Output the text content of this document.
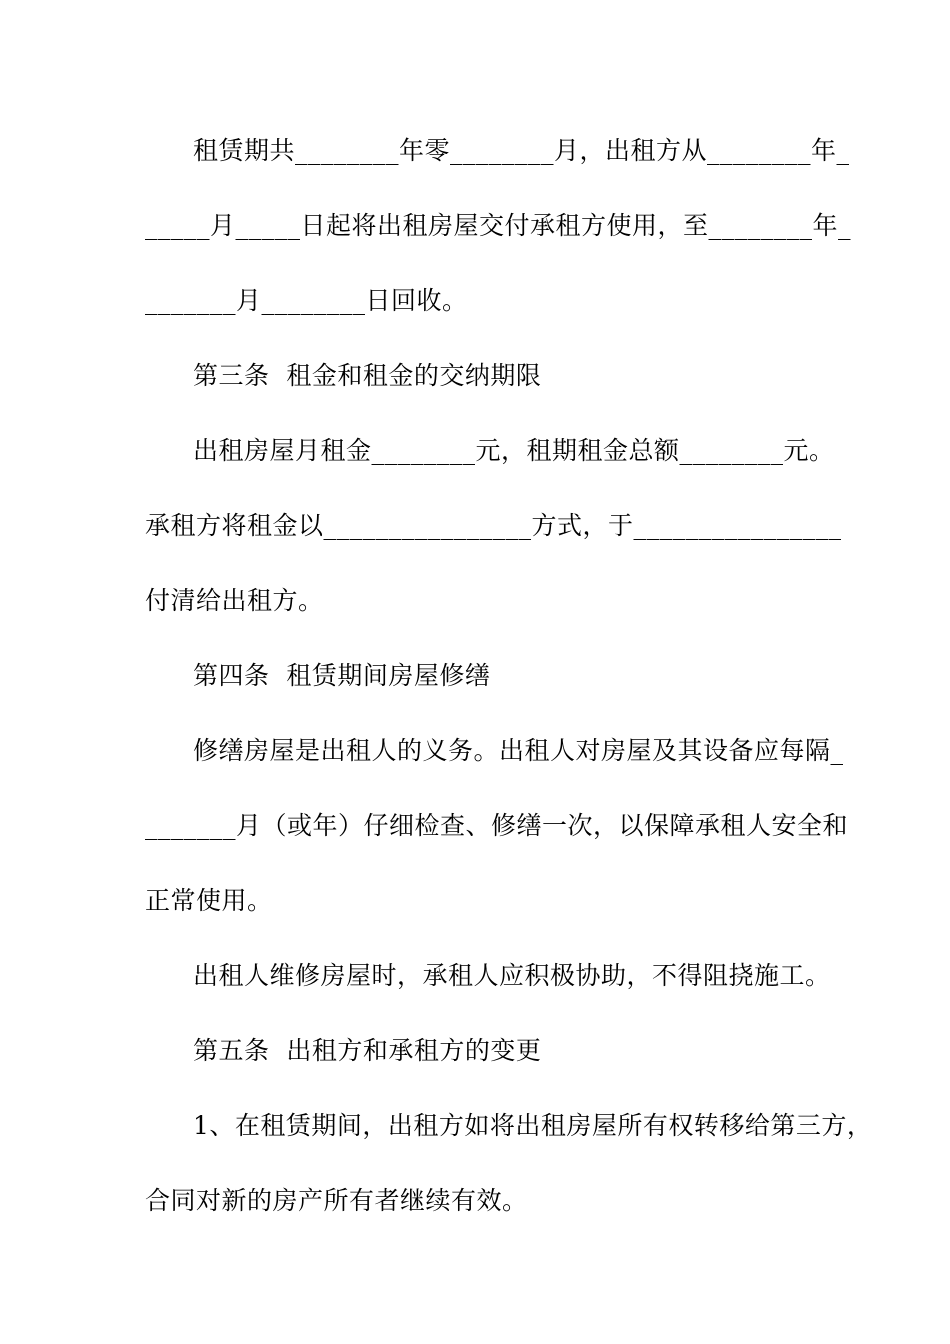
租赁期共________年零________月，出租方从________年_
_____月_____日起将出租房屋交付承租方使用，至________年_
_______月________日回收。
第三条  租金和租金的交纳期限
出租房屋月租金________元，租期租金总额________元。
承租方将租金以________________方式，于________________
付清给出租方。
第四条  租赁期间房屋修缮
修缮房屋是出租人的义务。出租人对房屋及其设备应每隔_
_______月（或年）仔细检查、修缮一次，以保障承租人安全和
正常使用。
出租人维修房屋时，承租人应积极协助，不得阻挠施工。
第五条  出租方和承租方的变更
1、在租赁期间，出租方如将出租房屋所有权转移给第三方，
合同对新的房产所有者继续有效。
